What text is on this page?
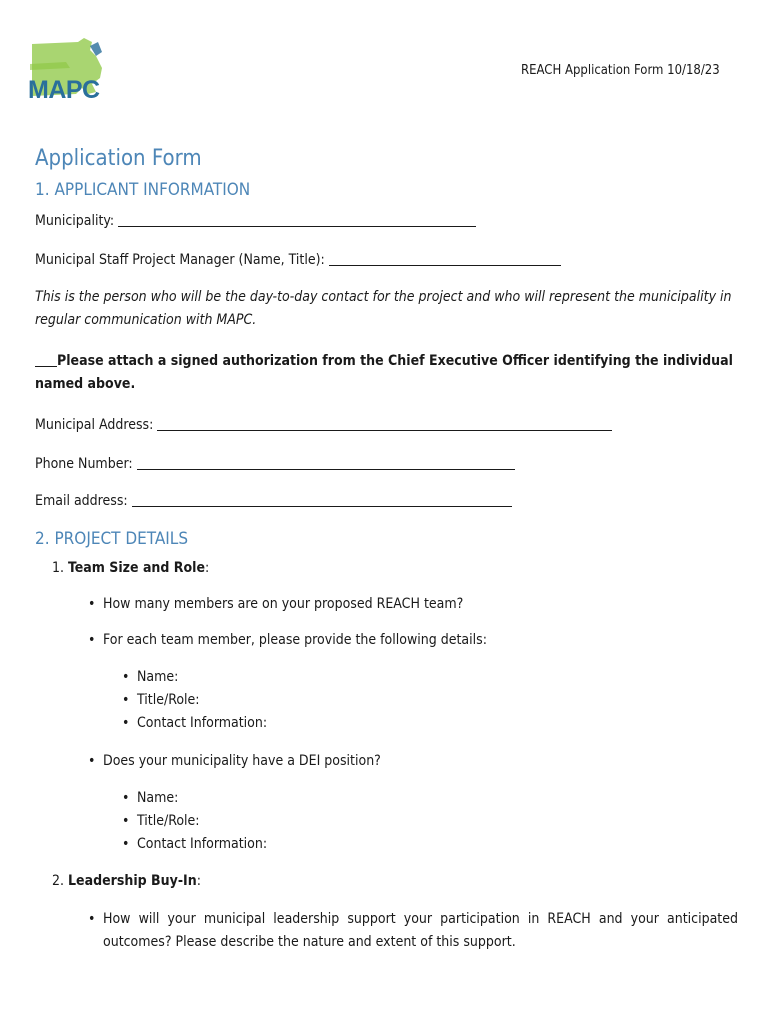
MAPC
REACH Application Form 10/18/23
Application Form
1. APPLICANT INFORMATION
Municipality:
Municipal Staff Project Manager (Name, Title):
This is the person who will be the day-to-day contact for the project and who will represent the municipality in regular communication with MAPC.
Please attach a signed authorization from the Chief Executive Officer identifying the individual named above.
Municipal Address:
Phone Number:
Email address:
2. PROJECT DETAILS
1. Team Size and Role:
• How many members are on your proposed REACH team?
• For each team member, please provide the following details:
• Name:
• Title/Role:
• Contact Information:
• Does your municipality have a DEI position?
• Name:
• Title/Role:
• Contact Information:
2. Leadership Buy-In:
• How will your municipal leadership support your participation in REACH and your anticipated outcomes? Please describe the nature and extent of this support.
